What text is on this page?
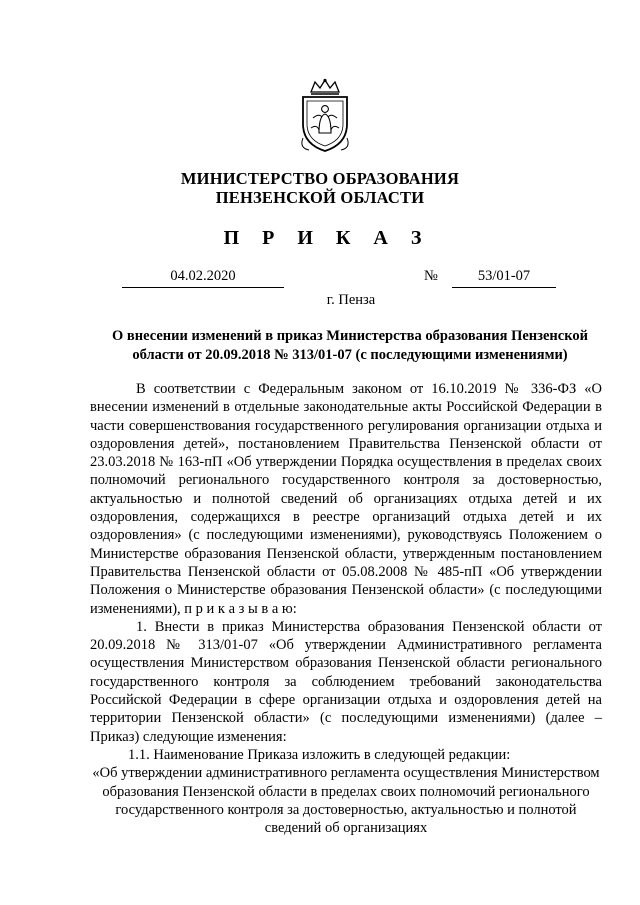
МИНИСТЕРСТВО ОБРАЗОВАНИЯ
ПЕНЗЕНСКОЙ ОБЛАСТИ
П Р И К А З
04.02.2020	№	53/01-07
г. Пенза
О внесении изменений в приказ Министерства образования Пензенской области от 20.09.2018 № 313/01-07 (с последующими изменениями)

В соответствии с Федеральным законом от 16.10.2019 № 336-ФЗ «О внесении изменений в отдельные законодательные акты Российской Федерации в части совершенствования государственного регулирования организации отдыха и оздоровления детей», постановлением Правительства Пензенской области от 23.03.2018 № 163-пП «Об утверждении Порядка осуществления в пределах своих полномочий регионального государственного контроля за достоверностью, актуальностью и полнотой сведений об организациях отдыха детей и их оздоровления, содержащихся в реестре организаций отдыха детей и их оздоровления» (с последующими изменениями), руководствуясь Положением о Министерстве образования Пензенской области, утвержденным постановлением Правительства Пензенской области от 05.08.2008 № 485-пП «Об утверждении Положения о Министерстве образования Пензенской области» (с последующими изменениями), п р и к а з ы в а ю:

1. Внести в приказ Министерства образования Пензенской области от 20.09.2018 № 313/01-07 «Об утверждении Административного регламента осуществления Министерством образования Пензенской области регионального государственного контроля за соблюдением требований законодательства Российской Федерации в сфере организации отдыха и оздоровления детей на территории Пензенской области» (с последующими изменениями) (далее – Приказ) следующие изменения:

1.1. Наименование Приказа изложить в следующей редакции:

«Об утверждении административного регламента осуществления Министерством образования Пензенской области в пределах своих полномочий регионального государственного контроля за достоверностью, актуальностью и полнотой сведений об организациях
